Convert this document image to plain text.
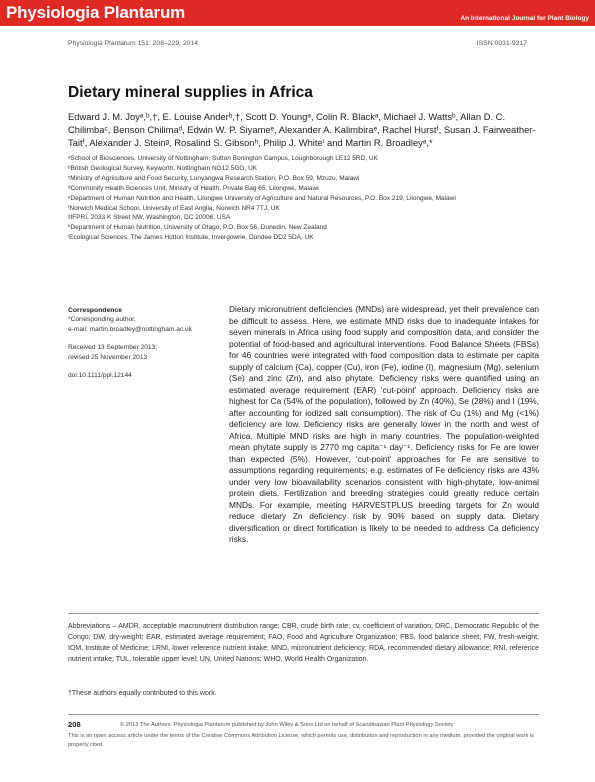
Physiologia Plantarum	An International Journal for Plant Biology
Physiologia Plantarum 151: 208–229. 2014	ISSN 0031-9317
Dietary mineral supplies in Africa
Edward J. M. Joyᵃ,ᵇ,†, E. Louise Anderᵇ,†, Scott D. Youngᵃ, Colin R. Blackᵃ, Michael J. Wattsᵇ, Allan D. C. Chilimbaᶜ, Benson Chilimaᵈ, Edwin W. P. Siyameᵉ, Alexander A. Kalimbiraᵉ, Rachel Hurstᶠ, Susan J. Fairweather-Taitᶠ, Alexander J. Steinᵍ, Rosalind S. Gibsonʰ, Philip J. Whiteⁱ and Martin R. Broadleyᵃ,*
ᵃSchool of Biosciences, University of Nottingham, Sutton Bonington Campus, Loughborough LE12 5RD, UK
ᵇBritish Geological Survey, Keyworth, Nottingham NG12 5GG, UK
ᶜMinistry of Agriculture and Food Security, Lunyangwa Research Station, P.O. Box 59, Mzuzu, Malawi
ᵈCommunity Health Sciences Unit, Ministry of Health, Private Bag 65, Lilongwe, Malawi
ᵉDepartment of Human Nutrition and Health, Lilongwe University of Agriculture and Natural Resources, P.O. Box 219, Lilongwe, Malawi
ᶠNorwich Medical School, University of East Anglia, Norwich NR4 7TJ, UK
ᵍIFPRI, 2033 K Street NW, Washington, DC 20006, USA
ʰDepartment of Human Nutrition, University of Otago, P.O. Box 56, Dunedin, New Zealand
ⁱEcological Sciences, The James Hutton Institute, Invergowrie, Dundee DD2 5DA, UK
Correspondence
*Corresponding author,
e-mail: martin.broadley@nottingham.ac.uk
Received 13 September 2013;
revised 25 November 2013
doi:10.1111/ppl.12144

Dietary micronutrient deficiencies (MNDs) are widespread, yet their prevalence can be difficult to assess. Here, we estimate MND risks due to inadequate intakes for seven minerals in Africa using food supply and composition data, and consider the potential of food-based and agricultural interventions. Food Balance Sheets (FBSs) for 46 countries were integrated with food composition data to estimate per capita supply of calcium (Ca), copper (Cu), iron (Fe), iodine (I), magnesium (Mg), selenium (Se) and zinc (Zn), and also phytate. Deficiency risks were quantified using an estimated average requirement (EAR) ‘cut-point’ approach. Deficiency risks are highest for Ca (54% of the population), followed by Zn (40%), Se (28%) and I (19%, after accounting for iodized salt consumption). The risk of Cu (1%) and Mg (<1%) deficiency are low. Deficiency risks are generally lower in the north and west of Africa. Multiple MND risks are high in many countries. The population-weighted mean phytate supply is 2770 mg capita⁻¹ day⁻¹. Deficiency risks for Fe are lower than expected (5%). However, ‘cut-point’ approaches for Fe are sensitive to assumptions regarding requirements; e.g. estimates of Fe deficiency risks are 43% under very low bioavailability scenarios consistent with high-phytate, low-animal protein diets. Fertilization and breeding strategies could greatly reduce certain MNDs. For example, meeting HARVESTPLUS breeding targets for Zn would reduce dietary Zn deficiency risk by 90% based on supply data. Dietary diversification or direct fortification is likely to be needed to address Ca deficiency risks.

Abbreviations – AMDR, acceptable macronutrient distribution range; CBR, crude birth rate; cv, coefficient of variation; DRC, Democratic Republic of the Congo; DW, dry-weight; EAR, estimated average requirement; FAO, Food and Agriculture Organization; FBS, food balance sheet; FW, fresh-weight; IOM, Institute of Medicine; LRNI, lower reference nutrient intake; MND, micronutrient deficiency; RDA, recommended dietary allowance; RNI, reference nutrient intake; TUL, tolerable upper level; UN, United Nations; WHO, World Health Organization.

†These authors equally contributed to this work.
208	© 2013 The Authors. Physiologia Plantarum published by John Wiley & Sons Ltd on behalf of Scandinavian Plant Physiology Society.
This is an open access article under the terms of the Creative Commons Attribution License, which permits use, distribution and reproduction in any medium, provided the original work is properly cited.
